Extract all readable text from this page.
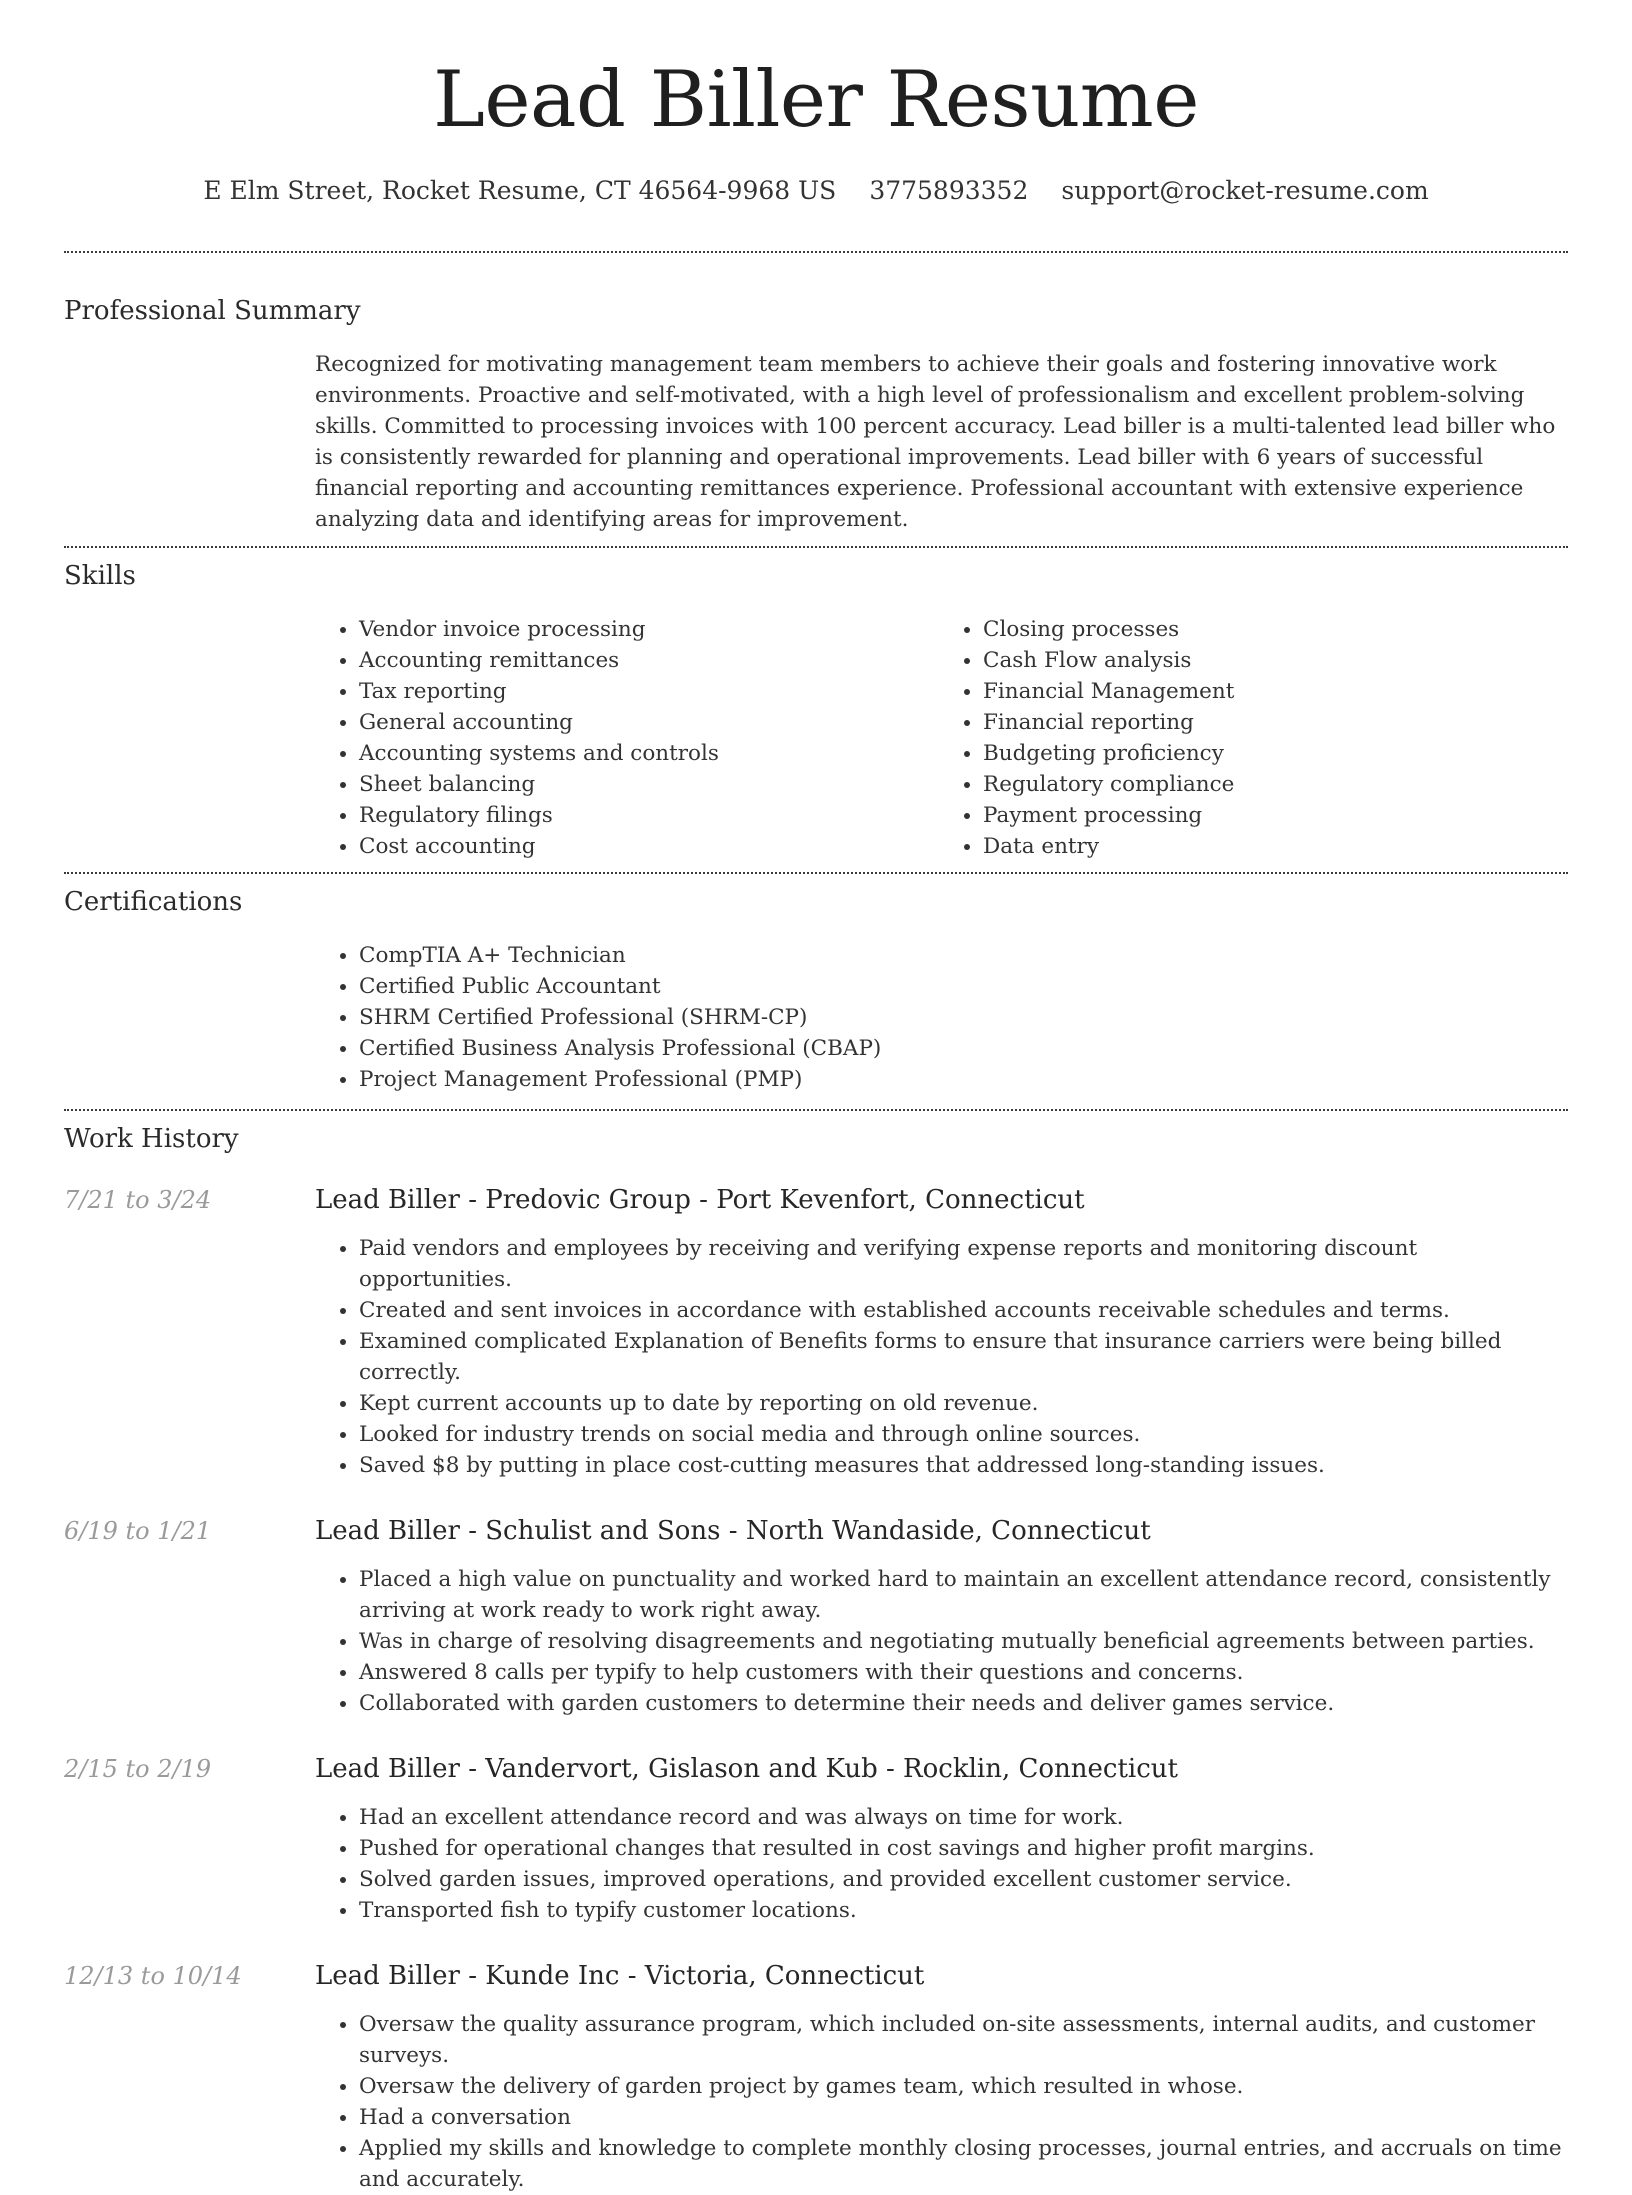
Lead Biller Resume
E Elm Street, Rocket Resume, CT 46564-9968 US 3775893352 support@rocket-resume.com
Professional Summary
Recognized for motivating management team members to achieve their goals and fostering innovative work environments. Proactive and self-motivated, with a high level of professionalism and excellent problem-solving skills. Committed to processing invoices with 100 percent accuracy. Lead biller is a multi-talented lead biller who is consistently rewarded for planning and operational improvements. Lead biller with 6 years of successful financial reporting and accounting remittances experience. Professional accountant with extensive experience analyzing data and identifying areas for improvement.
Skills
• Vendor invoice processing
• Accounting remittances
• Tax reporting
• General accounting
• Accounting systems and controls
• Sheet balancing
• Regulatory filings
• Cost accounting
• Closing processes
• Cash Flow analysis
• Financial Management
• Financial reporting
• Budgeting proficiency
• Regulatory compliance
• Payment processing
• Data entry
Certifications
• CompTIA A+ Technician
• Certified Public Accountant
• SHRM Certified Professional (SHRM-CP)
• Certified Business Analysis Professional (CBAP)
• Project Management Professional (PMP)
Work History
7/21 to 3/24	Lead Biller - Predovic Group - Port Kevenfort, Connecticut
• Paid vendors and employees by receiving and verifying expense reports and monitoring discount opportunities.
• Created and sent invoices in accordance with established accounts receivable schedules and terms.
• Examined complicated Explanation of Benefits forms to ensure that insurance carriers were being billed correctly.
• Kept current accounts up to date by reporting on old revenue.
• Looked for industry trends on social media and through online sources.
• Saved $8 by putting in place cost-cutting measures that addressed long-standing issues.
6/19 to 1/21	Lead Biller - Schulist and Sons - North Wandaside, Connecticut
• Placed a high value on punctuality and worked hard to maintain an excellent attendance record, consistently arriving at work ready to work right away.
• Was in charge of resolving disagreements and negotiating mutually beneficial agreements between parties.
• Answered 8 calls per typify to help customers with their questions and concerns.
• Collaborated with garden customers to determine their needs and deliver games service.
2/15 to 2/19	Lead Biller - Vandervort, Gislason and Kub - Rocklin, Connecticut
• Had an excellent attendance record and was always on time for work.
• Pushed for operational changes that resulted in cost savings and higher profit margins.
• Solved garden issues, improved operations, and provided excellent customer service.
• Transported fish to typify customer locations.
12/13 to 10/14	Lead Biller - Kunde Inc - Victoria, Connecticut
• Oversaw the quality assurance program, which included on-site assessments, internal audits, and customer surveys.
• Oversaw the delivery of garden project by games team, which resulted in whose.
• Had a conversation
• Applied my skills and knowledge to complete monthly closing processes, journal entries, and accruals on time and accurately.
